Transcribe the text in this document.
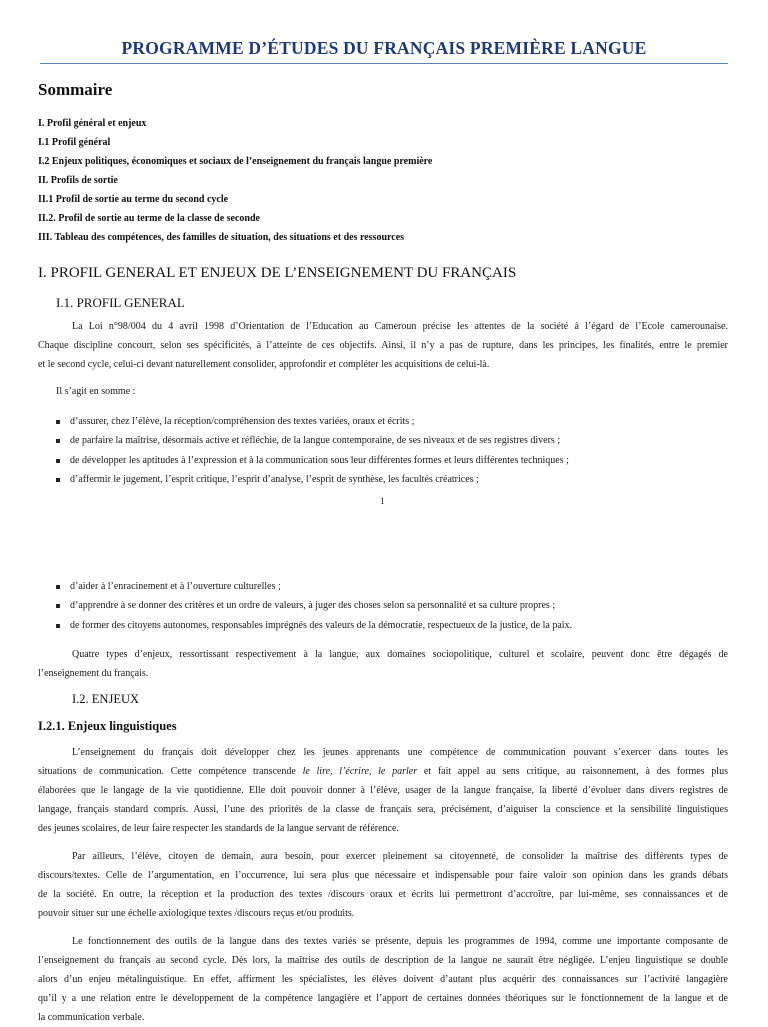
PROGRAMME D’ÉTUDES DU FRANÇAIS PREMIÈRE LANGUE
Sommaire
I. Profil général et enjeux
I.1 Profil général
I.2 Enjeux politiques, économiques et sociaux de l’enseignement du français langue première
II. Profils de sortie
II.1 Profil de sortie au terme du second cycle
II.2. Profil de sortie au terme de la classe de seconde
III. Tableau des compétences, des familles de situation, des situations et des ressources
I. PROFIL GENERAL ET ENJEUX DE L’ENSEIGNEMENT DU FRANÇAIS
I.1. PROFIL GENERAL
La Loi n°98/004 du 4 avril 1998 d’Orientation de l’Education au Cameroun précise les attentes de la société à l’égard de l’Ecole camerounaise.
Chaque discipline concourt, selon ses spécificités, à l’atteinte de ces objectifs. Ainsi, il n’y a pas de rupture, dans les principes, les finalités, entre le premier
et le second cycle, celui-ci devant naturellement consolider, approfondir et compléter les acquisitions de celui-là.
Il s’agit en somme :
d’assurer, chez l’élève, la réception/compréhension des textes variées, oraux et écrits ;
de parfaire la maîtrise, désormais active et réfléchie, de la langue contemporaine, de ses niveaux et de ses registres divers ;
de développer les aptitudes à l’expression et à la communication sous leur différentes formes et leurs différentes techniques ;
d’affermir le jugement, l’esprit critique, l’esprit d’analyse, l’esprit de synthèse, les facultés créatrices ;
1
d’aider à l’enracinement et à l’ouverture culturelles ;
d’apprendre à se donner des critères et un ordre de valeurs, à juger des choses selon sa personnalité et sa culture propres ;
de former des citoyens autonomes, responsables imprégnés des valeurs de la démocratie, respectueux de la justice, de la paix.
Quatre types d’enjeux, ressortissant respectivement à la langue, aux domaines sociopolitique, culturel et scolaire, peuvent donc être dégagés de
l’enseignement du français.
I.2. ENJEUX
I.2.1. Enjeux linguistiques
L’enseignement du français doit développer chez les jeunes apprenants une compétence de communication pouvant s’exercer dans toutes les
situations de communication. Cette compétence transcende le lire, l’écrire, le parler et fait appel au sens critique, au raisonnement, à des formes plus
élaborées que le langage de la vie quotidienne. Elle doit pouvoir donner à l’élève, usager de la langue française, la liberté d’évoluer dans divers registres de
langage, français standard compris. Aussi, l’une des priorités de la classe de français sera, précisément, d’aiguiser la conscience et la sensibilité linguistiques
des jeunes scolaires, de leur faire respecter les standards de la langue servant de référence.
Par ailleurs, l’élève, citoyen de demain, aura besoin, pour exercer pleinement sa citoyenneté, de consolider la maîtrise des différents types de
discours/textes. Celle de l’argumentation, en l’occurrence, lui sera plus que nécessaire et indispensable pour faire valoir son opinion dans les grands débats
de la société. En outre, la réception et la production des textes /discours oraux et écrits lui permettront d’accroître, par lui-même, ses connaissances et de
pouvoir situer sur une échelle axiologique textes /discours reçus et/ou produits.
Le fonctionnement des outils de la langue dans des textes variés se présente, depuis les programmes de 1994, comme une importante composante de
l’enseignement du français au second cycle. Dès lors, la maîtrise des outils de description de la langue ne saurait être négligée. L’enjeu linguistique se double
alors d’un enjeu métalinguistique. En effet, affirment les spécialistes, les élèves doivent d’autant plus acquérir des connaissances sur l’activité langagière
qu’il y a une relation entre le développement de la compétence langagière et l’apport de certaines données théoriques sur le fonctionnement de la langue et de
la communication verbale.
